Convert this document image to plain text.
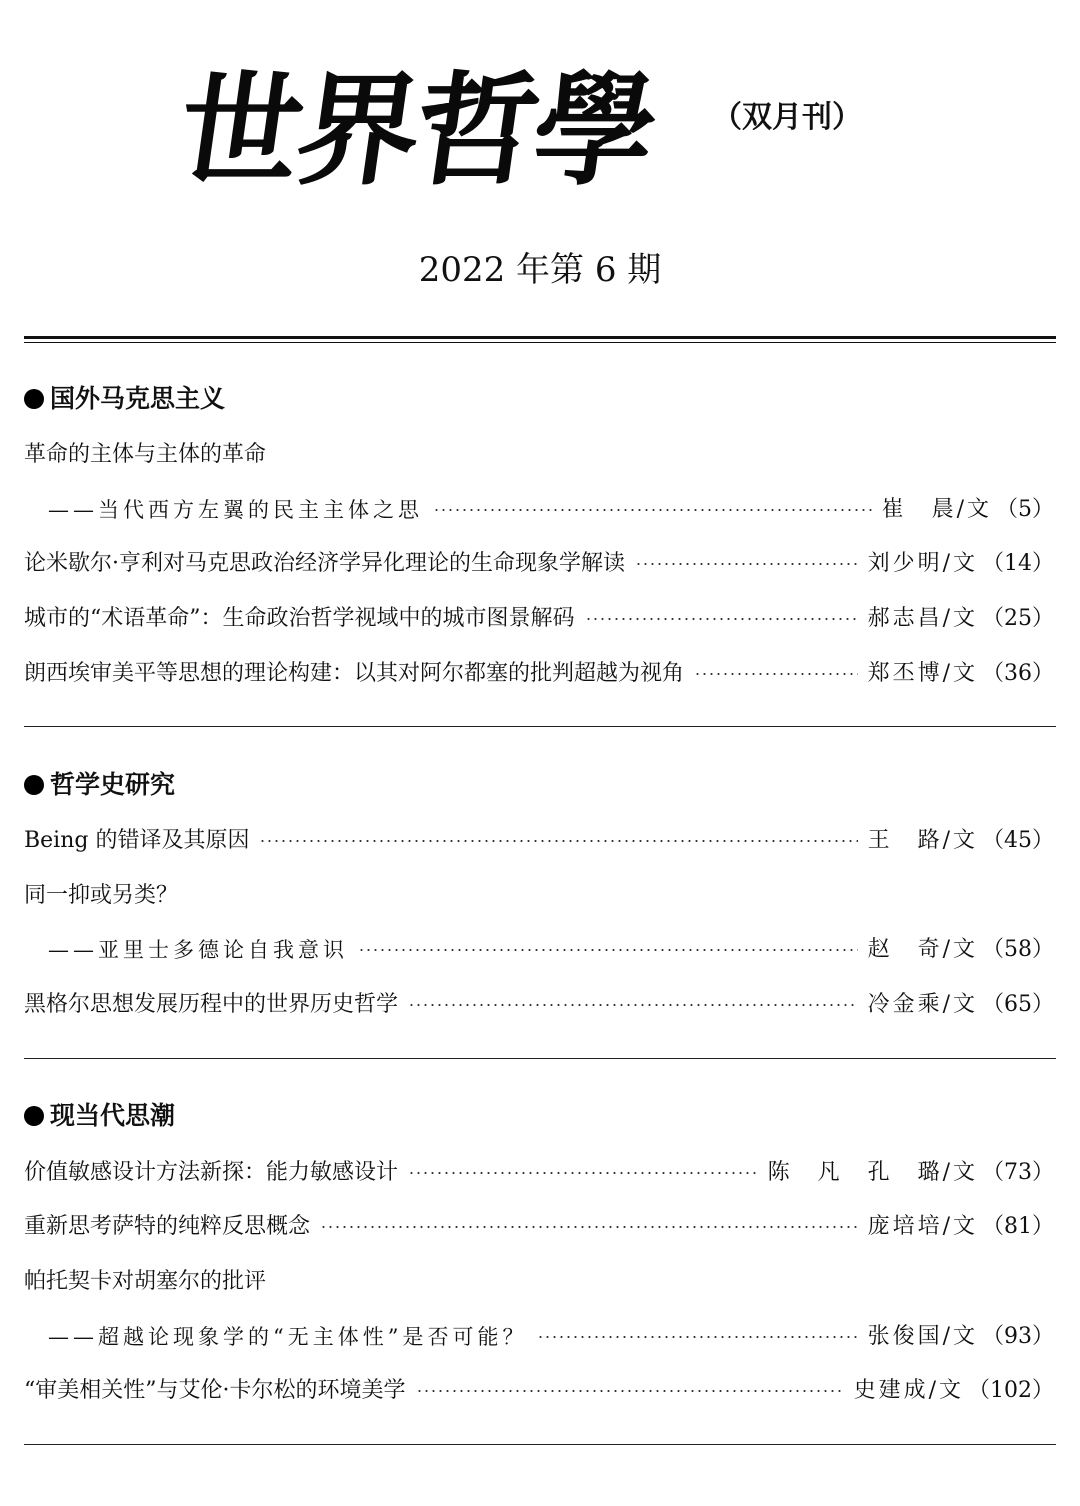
世界哲學 （双月刊）
2022 年第 6 期
国外马克思主义
革命的主体与主体的革命
——当代西方左翼的民主主体之思	崔　晨/文 （5）
论米歇尔·亨利对马克思政治经济学异化理论的生命现象学解读	刘少明/文 （14）
城市的“术语革命”：生命政治哲学视域中的城市图景解码	郝志昌/文 （25）
朗西埃审美平等思想的理论构建：以其对阿尔都塞的批判超越为视角	郑丕博/文 （36）
哲学史研究
Being 的错译及其原因	王　路/文 （45）
同一抑或另类？
——亚里士多德论自我意识	赵　奇/文 （58）
黑格尔思想发展历程中的世界历史哲学	冷金乘/文 （65）
现当代思潮
价值敏感设计方法新探：能力敏感设计	陈　凡　孔　璐/文 （73）
重新思考萨特的纯粹反思概念	庞培培/文 （81）
帕托契卡对胡塞尔的批评
——超越论现象学的“无主体性”是否可能？	张俊国/文 （93）
“审美相关性”与艾伦·卡尔松的环境美学	史建成/文 （102）
